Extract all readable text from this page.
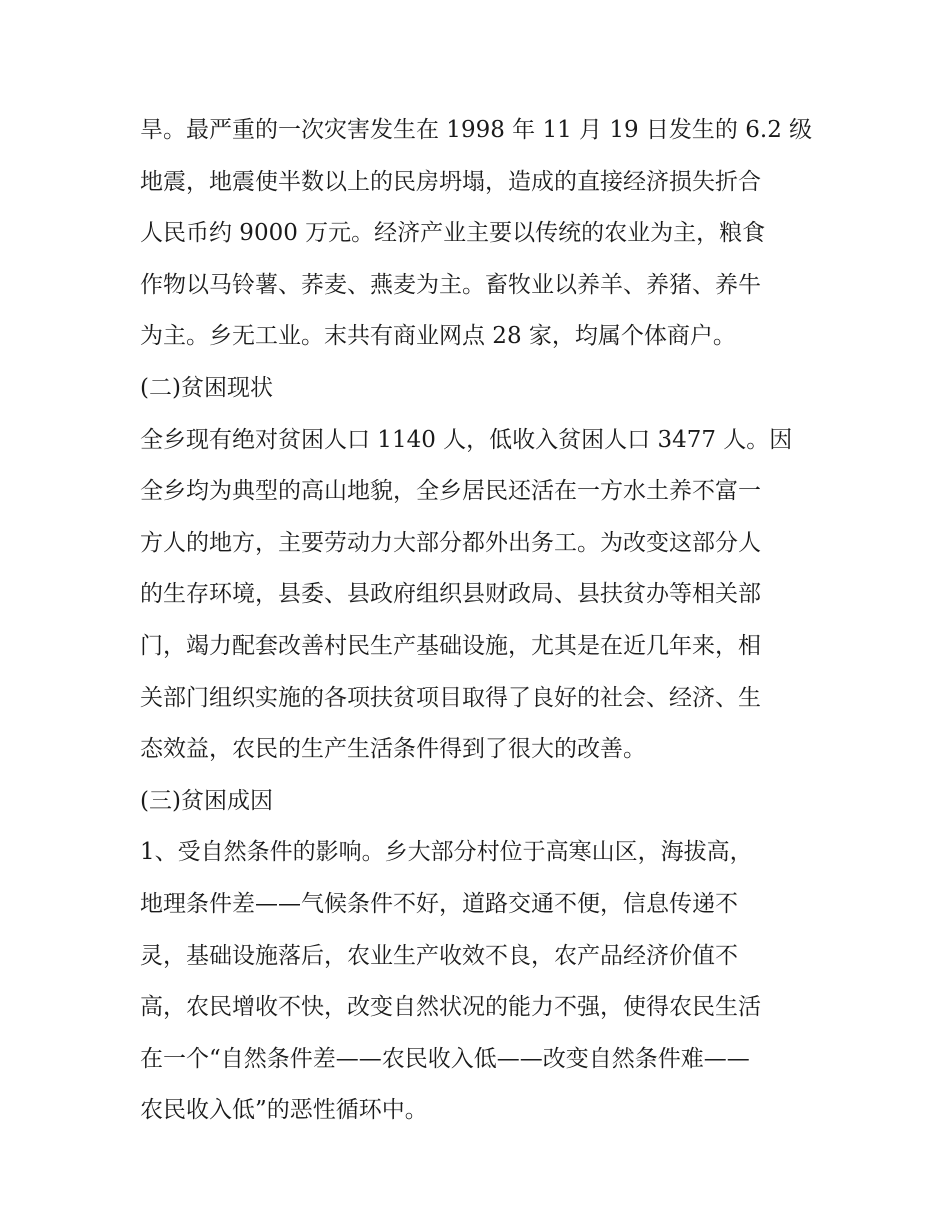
旱。最严重的一次灾害发生在 1998 年 11 月 19 日发生的 6.2 级
地震，地震使半数以上的民房坍塌，造成的直接经济损失折合
人民币约 9000 万元。经济产业主要以传统的农业为主，粮食
作物以马铃薯、荞麦、燕麦为主。畜牧业以养羊、养猪、养牛
为主。乡无工业。末共有商业网点 28 家，均属个体商户。
(二)贫困现状
全乡现有绝对贫困人口 1140 人，低收入贫困人口 3477 人。因
全乡均为典型的高山地貌，全乡居民还活在一方水土养不富一
方人的地方，主要劳动力大部分都外出务工。为改变这部分人
的生存环境，县委、县政府组织县财政局、县扶贫办等相关部
门，竭力配套改善村民生产基础设施，尤其是在近几年来，相
关部门组织实施的各项扶贫项目取得了良好的社会、经济、生
态效益，农民的生产生活条件得到了很大的改善。
(三)贫困成因
1、受自然条件的影响。乡大部分村位于高寒山区，海拔高，
地理条件差——气候条件不好，道路交通不便，信息传递不
灵，基础设施落后，农业生产收效不良，农产品经济价值不
高，农民增收不快，改变自然状况的能力不强，使得农民生活
在一个“自然条件差——农民收入低——改变自然条件难——
农民收入低”的恶性循环中。
